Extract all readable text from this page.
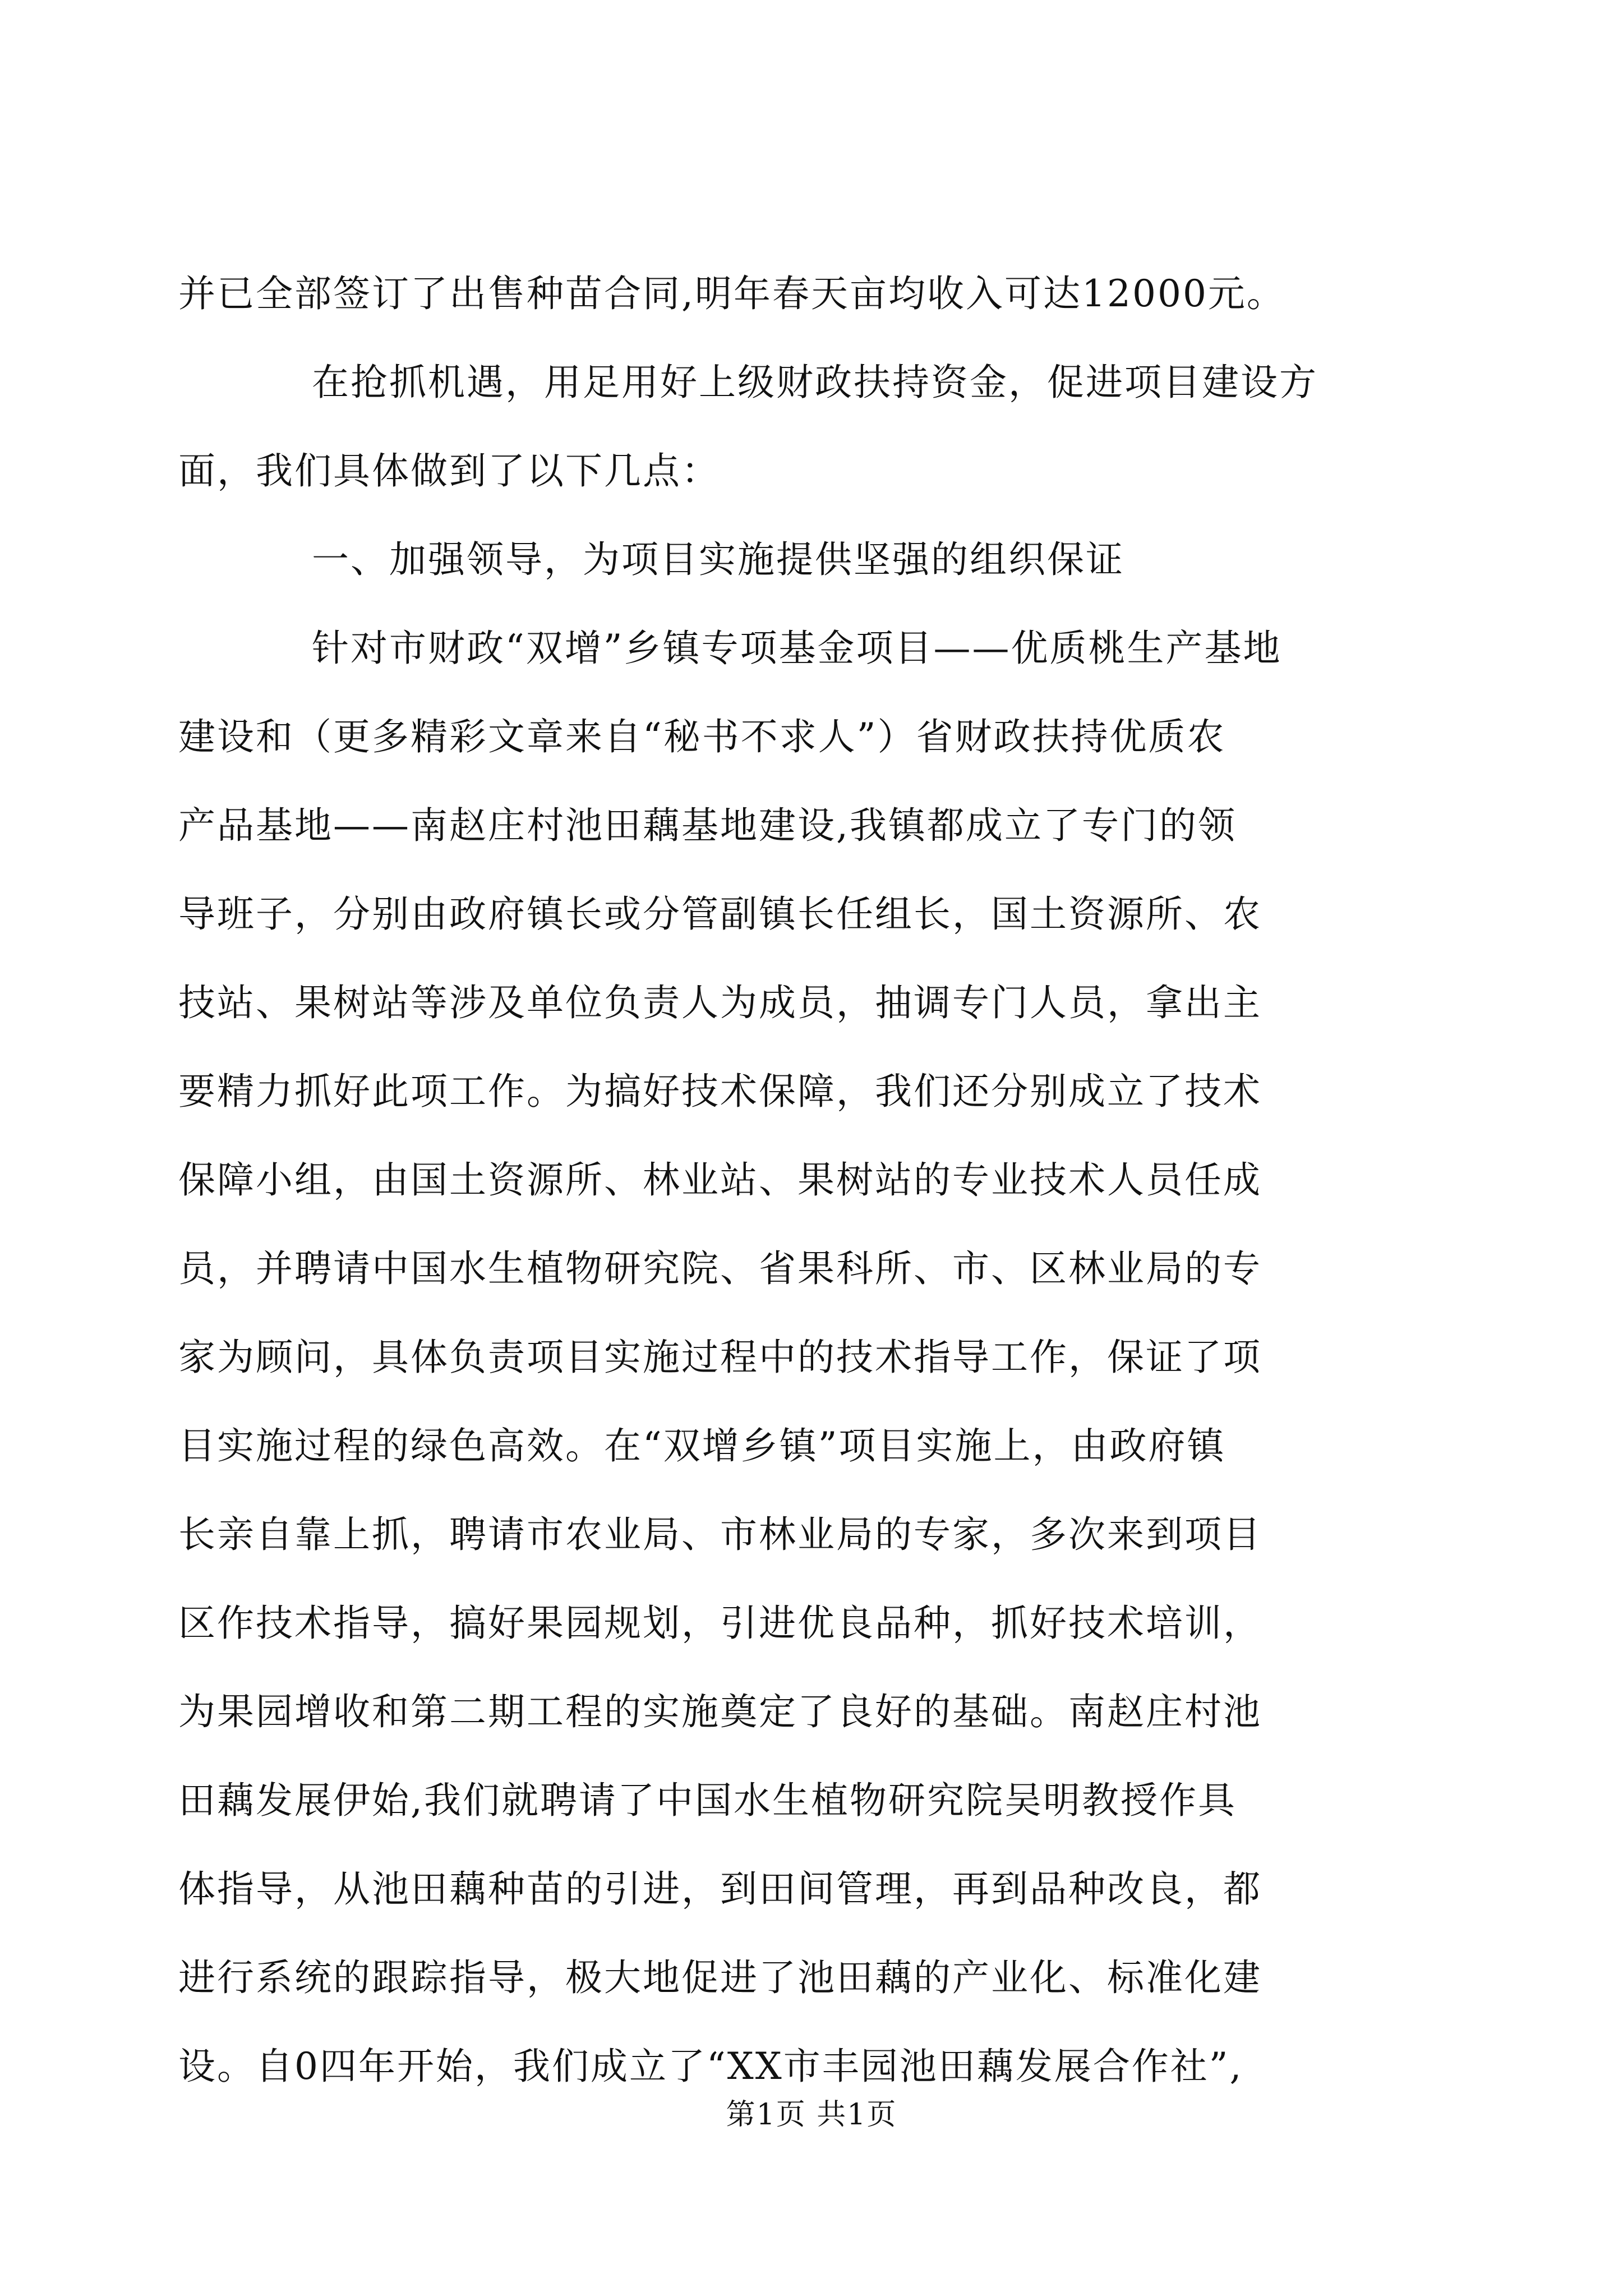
并已全部签订了出售种苗合同,明年春天亩均收入可达12000元。
在抢抓机遇，用足用好上级财政扶持资金，促进项目建设方
面，我们具体做到了以下几点：
一、加强领导，为项目实施提供坚强的组织保证
针对市财政“双增”乡镇专项基金项目——优质桃生产基地
建设和（更多精彩文章来自“秘书不求人”）省财政扶持优质农
产品基地——南赵庄村池田藕基地建设,我镇都成立了专门的领
导班子，分别由政府镇长或分管副镇长任组长，国土资源所、农
技站、果树站等涉及单位负责人为成员，抽调专门人员，拿出主
要精力抓好此项工作。为搞好技术保障，我们还分别成立了技术
保障小组，由国土资源所、林业站、果树站的专业技术人员任成
员，并聘请中国水生植物研究院、省果科所、市、区林业局的专
家为顾问，具体负责项目实施过程中的技术指导工作，保证了项
目实施过程的绿色高效。在“双增乡镇”项目实施上，由政府镇
长亲自靠上抓，聘请市农业局、市林业局的专家，多次来到项目
区作技术指导，搞好果园规划，引进优良品种，抓好技术培训，
为果园增收和第二期工程的实施奠定了良好的基础。南赵庄村池
田藕发展伊始,我们就聘请了中国水生植物研究院吴明教授作具
体指导，从池田藕种苗的引进，到田间管理，再到品种改良，都
进行系统的跟踪指导，极大地促进了池田藕的产业化、标准化建
设。自0四年开始，我们成立了“XX市丰园池田藕发展合作社”,
第1页 共1页
